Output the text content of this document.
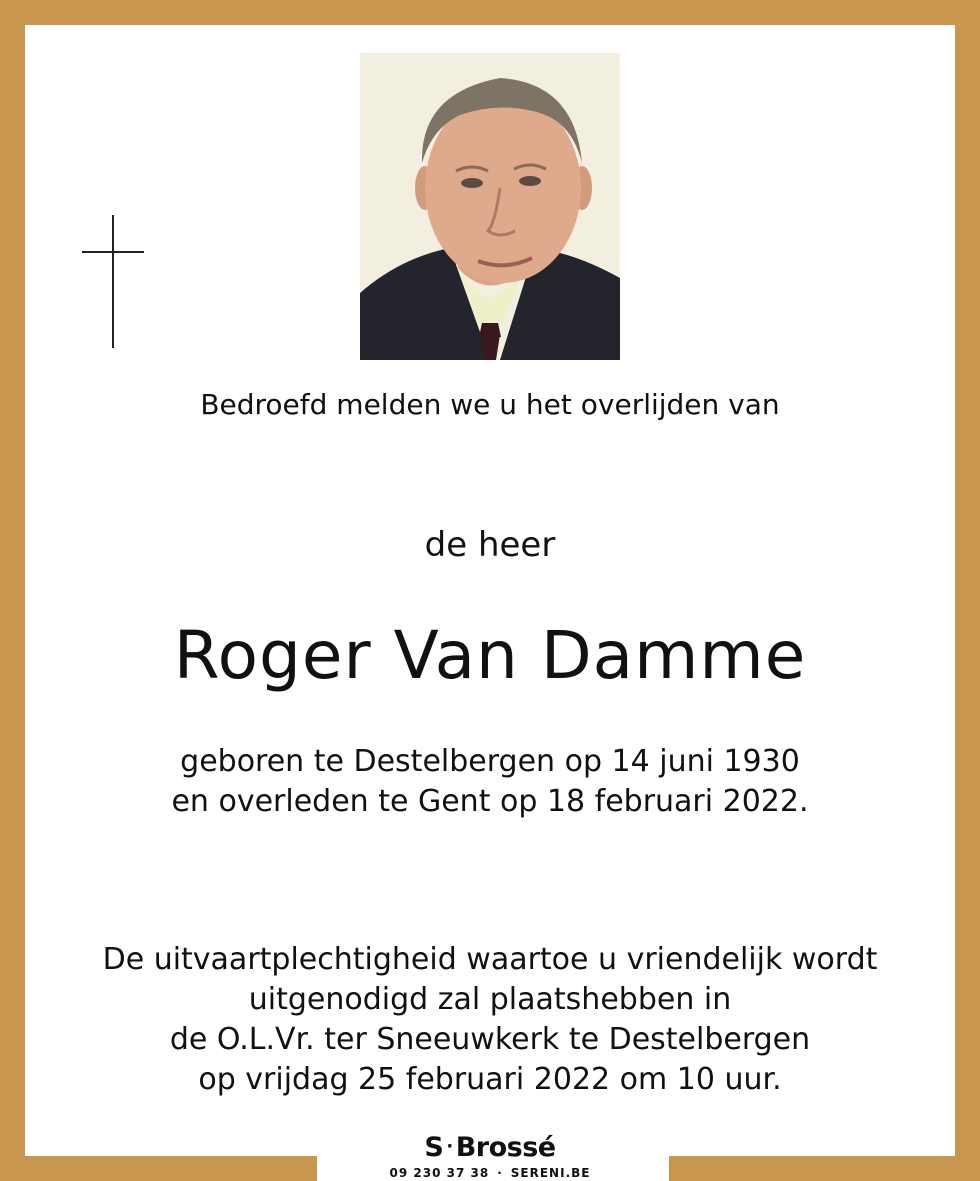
Bedroefd melden we u het overlijden van
de heer
Roger Van Damme
geboren te Destelbergen op 14 juni 1930
en overleden te Gent op 18 februari 2022.
De uitvaartplechtigheid waartoe u vriendelijk wordt
uitgenodigd zal plaatshebben in
de O.L.Vr. ter Sneeuwkerk te Destelbergen
op vrijdag 25 februari 2022 om 10 uur.
S · Brossé
09 230 37 38 · SERENI.BE
